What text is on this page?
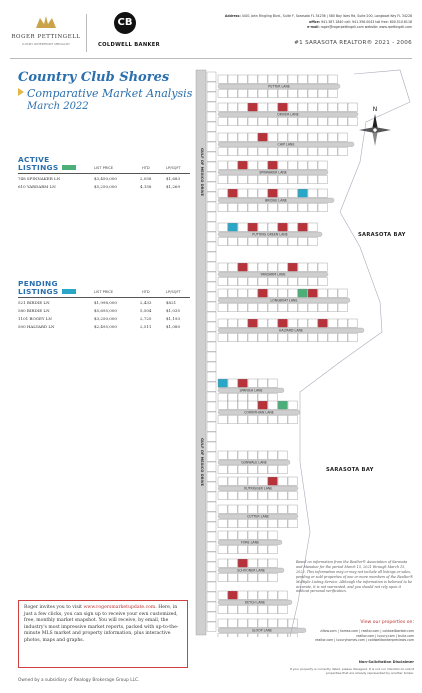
ROGER PETTINGELL
LUXURY WATERFRONT SPECIALIST
CB
COLDWELL BANKER
Address: 4401 John Ringling Blvd., Suite F, Sarasota FL 34236 | 580 Bay Isles Rd, Suite 200, Longboat Key FL 34228
office: 941.387.1840 cell: 941.356.0043 toll free: 800.510.6118
e-mail: roger@rogerpettingell.com website: www.rpettingell.com
#1 SARASOTA REALTOR® 2021 - 2006
Country Club Shores
Comparative Market Analysis
March 2022
ACTIVE
LISTINGS	LIST PRICE	HTD	LP/SQFT
748 SPINNAKER LN	$3,450,000	2,058	$1,683
610 YARDARM LN	$5,250,000	4,158	$1,269
PENDING
LISTINGS	LIST PRICE	HTD	LP/SQFT
521 BIRDIE LN	$1,998,000	2,433	$821
580 BIRDIE LN	$5,695,000	5,504	$1,035
1101 BOGEY LN	$3,250,000	2,725	$1,193
500 HALYARD LN	$2,495,000	2,511	$1,080
Roger invites you to visit www.rogersmarketupdate.com. Here, in just a few clicks, you can sign up to receive your own customized, free, monthly market snapshot. You will receive, by email, the industry's most impressive market reports, packed with up-to-the-minute MLS market and property information, plus interactive photos, maps and graphs.
Owned by a subsidiary of Realogy Brokerage Group LLC.
GULF OF MEXICO DRIVE
GULF OF MEXICO DRIVE
PUTTER LANE
DRIVER LANE
CHIP LANE
SPINNAKER LANE
BRIDGE LANE
PUTTING GREEN LANE
YARDARM LANE
LONGBOAT LANE
HALYARD LANE
SPANISH LANE
CORINTHIAN LANE
GUNWALE LANE
OUTRIGGER LANE
CUTTER LANE
FORE LANE
SCHOONER LANE
KETCH LANE
SLOOP LANE
N
SARASOTA BAY
SARASOTA BAY
Based on information from the Realtor® Association of Sarasota and Manatee for the period March 15, 2021 through March 15, 2022. This information may or may not include all listings or sales, pending or sold properties of one or more members of the Realtor® Multiple Listing Service. Although the information is believed to be accurate, it is not warranted, and you should not rely upon it without personal verification.
View our properties on:
zillow.com | homes.com | realtor.com | coldwellbanker.com
realtor.com | luxury.com | trulia.com
realtor.com | luxuryhomes.com | coldwellbankerpreviews.com
Non-Solicitation Disclaimer
If your property is currently listed, please disregard. It is not our intention to solicit properties that are already represented by another broker.
